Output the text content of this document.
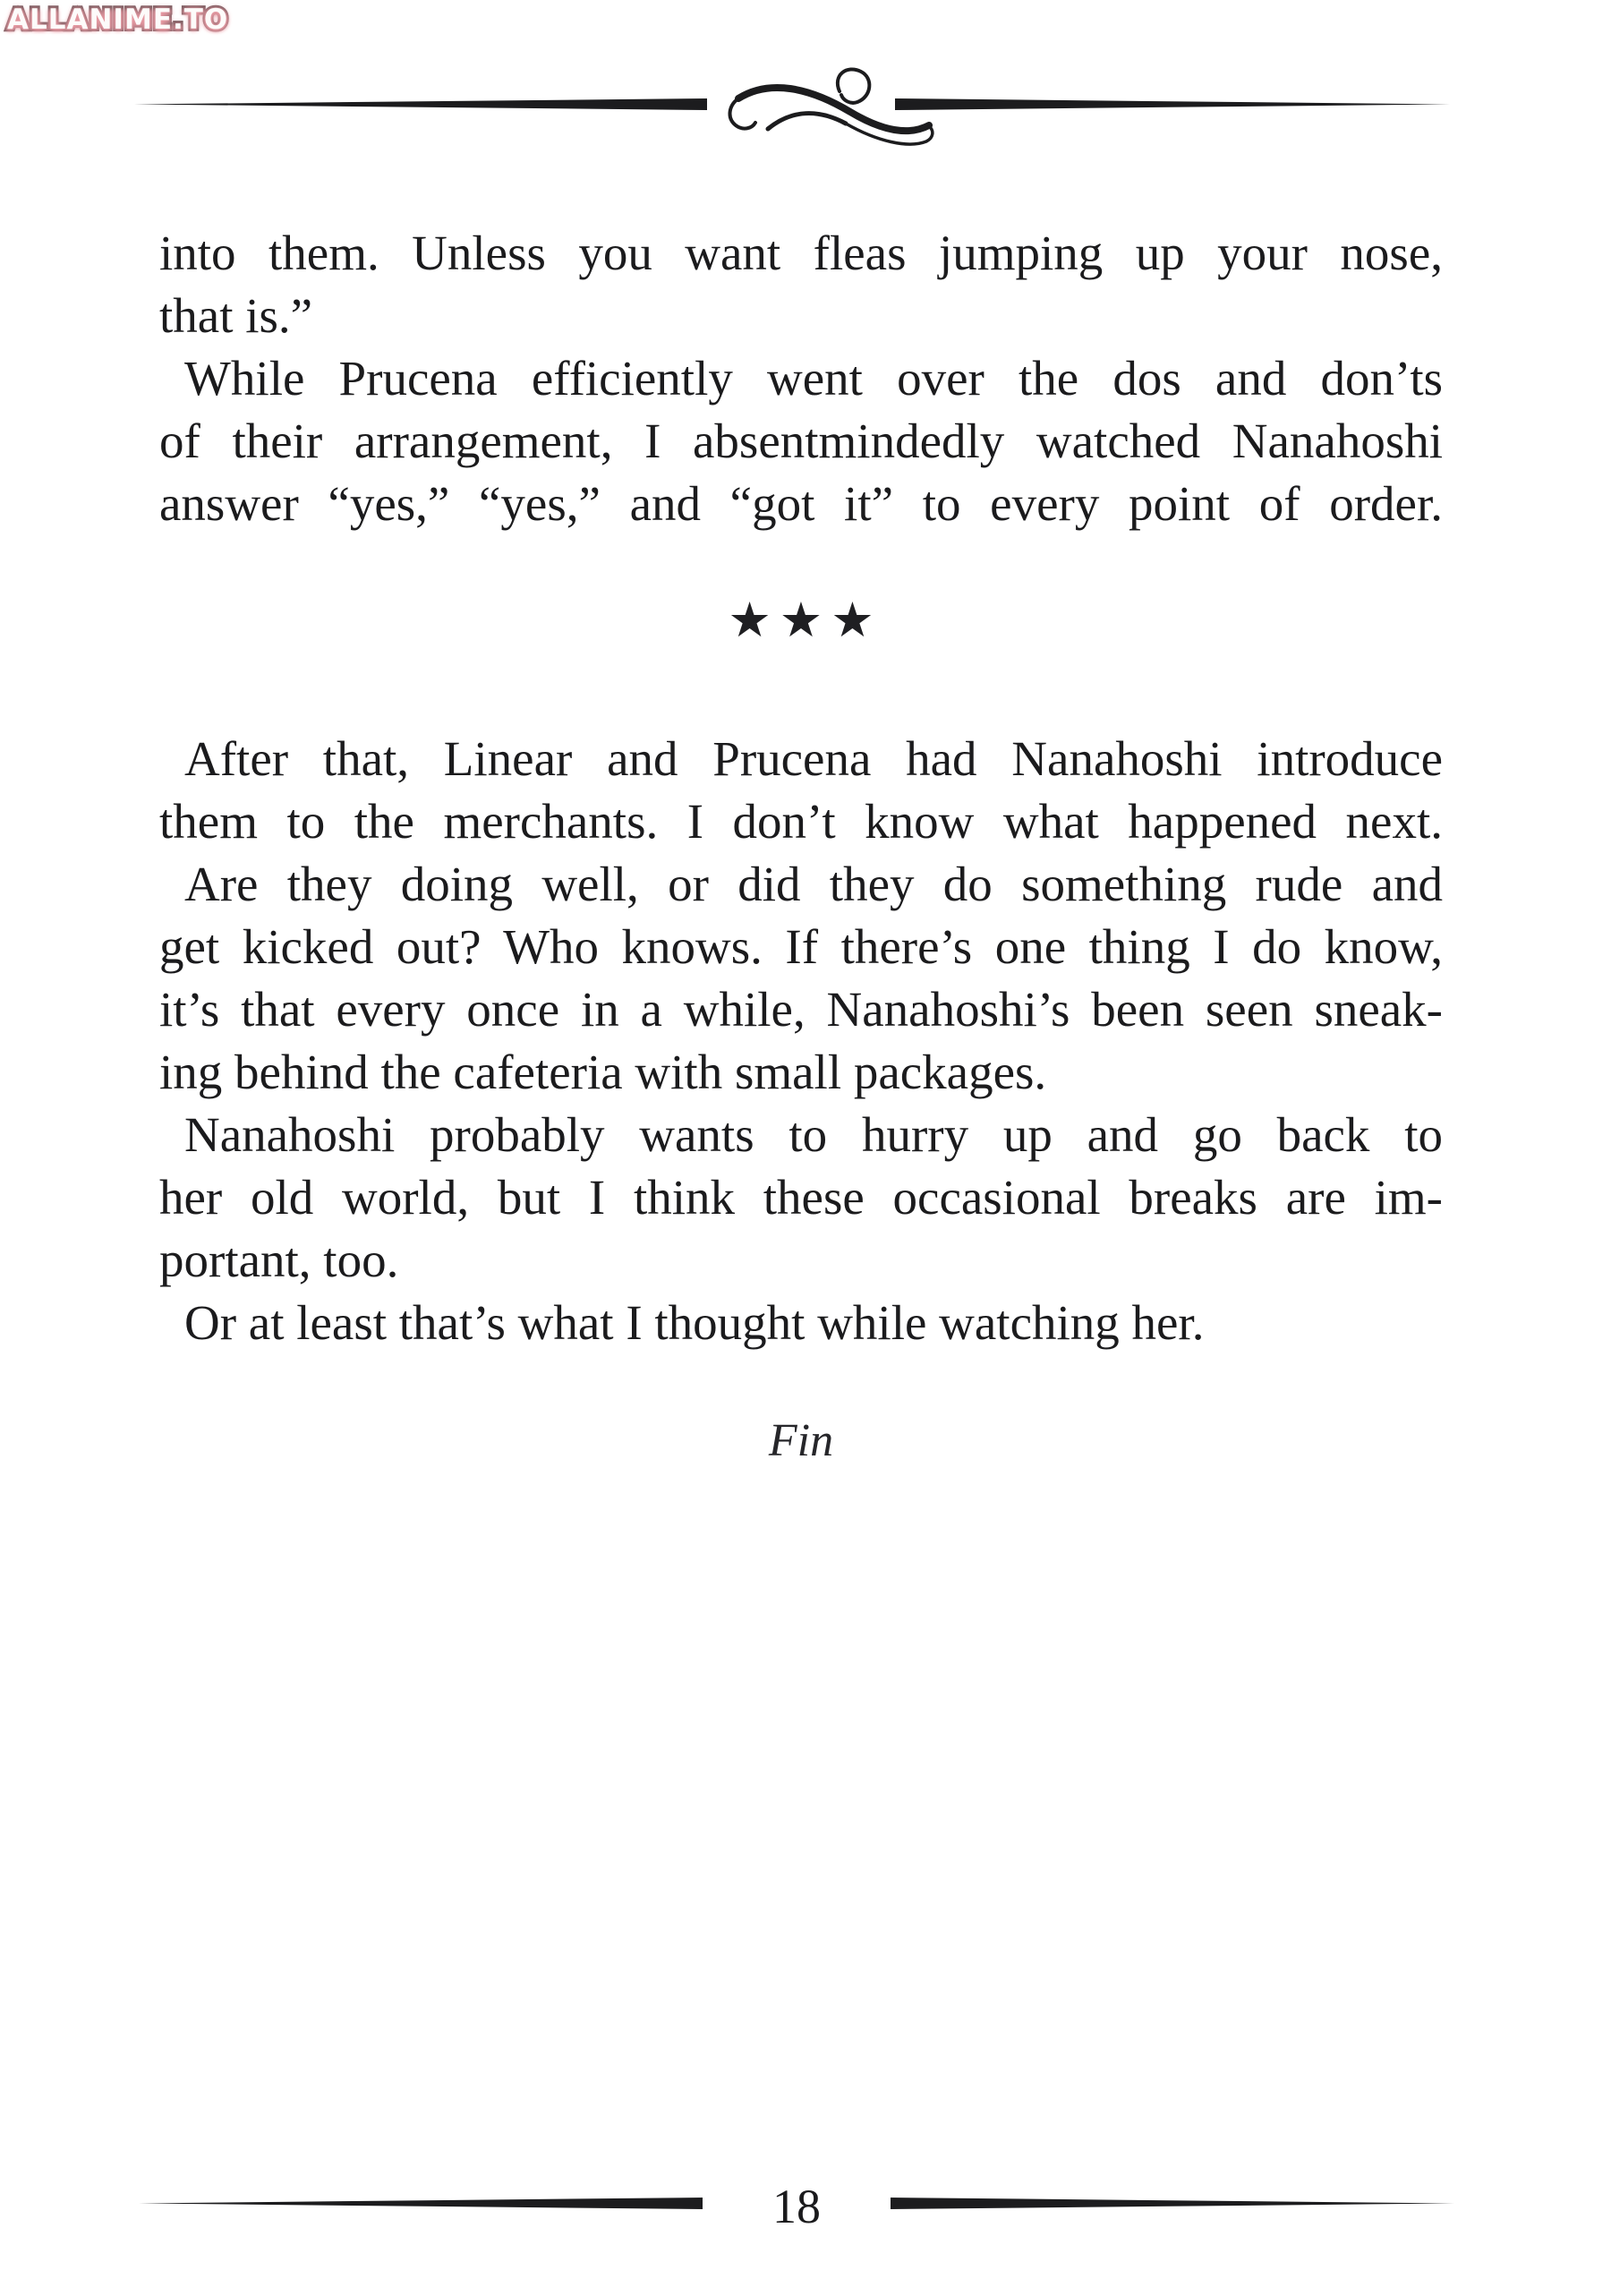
ALLANIME.TO
into them. Unless you want fleas jumping up your nose,
that is.”
While Prucena efficiently went over the dos and don’ts
of their arrangement, I absentmindedly watched Nanahoshi
answer “yes,” “yes,” and “got it” to every point of order.
★★★
After that, Linear and Prucena had Nanahoshi introduce
them to the merchants. I don’t know what happened next.
Are they doing well, or did they do something rude and
get kicked out? Who knows. If there’s one thing I do know,
it’s that every once in a while, Nanahoshi’s been seen sneak-
ing behind the cafeteria with small packages.
Nanahoshi probably wants to hurry up and go back to
her old world, but I think these occasional breaks are im-
portant, too.
Or at least that’s what I thought while watching her.
Fin
18
